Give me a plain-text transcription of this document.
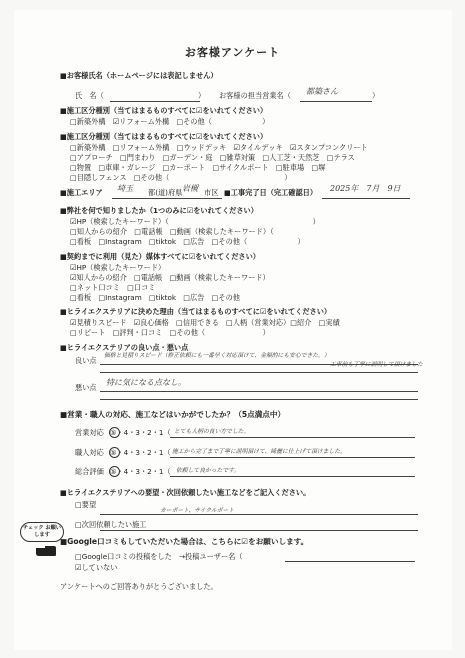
お客様アンケート
■お客様氏名（ホームページには表記しません）
氏　名（	） お客様の担当営業名（ 都築さん	）
■施工区分種別（当てはまるものすべてに☑をいれてください）
□新築外構　☑リフォーム外構　□その他（　　　　　　　）
■施工区分種別（当てはまるものすべてに☑をいれてください）
□新築外構　□リフォーム外構　□ウッドデッキ　☑タイルデッキ　☑スタンプコンクリート
□アプローチ　□門まわり　□ガーデン・庭　□雑草対策　□人工芝・天然芝　□テラス
□物置　□車庫・ガレージ　□カーポート　□サイクルポート　□駐車場　□塀
□目隠しフェンス　□その他（　　　　　　　　　　　　　　　　）
■施工エリア 埼玉 都(道)府県 岩槻 市区 ■工事完了日（完工確認日） 2025年　7月　9日
■弊社を何で知りましたか（1つのみに☑をいれてください）
☑HP（検索したキーワード）（　　　　　　　　　　　　　　　　　　　　）
□知人からの紹介　□電話帳　□動画（検索したキーワード）（
□看板　□Instagram　□tiktok　□広告　□その他（　　　　　　　）
■契約までに利用（見た）媒体すべてに☑をいれてください）
☑HP（検索したキーワード）
☑知人からの紹介　□電話帳　□動画（検索したキーワード）
□ネット口コミ　□口コミ
□看板　□Instagram　□tiktok　□広告　□その他
■ヒライエクステリアに決めた理由（当てはまるものすべてに☑をいれてください）
☑見積りスピード　☑良心価格　□信用できる　□人柄（営業対応）□紹介　□実績
□リピート　□評判・口コミ　□その他（　　　　　　　　）
■ヒライエクステリアの良い点・悪い点
良い点 価格と見積りスピード（修正依頼にも一番早く対応頂けて、金額的にも安心できた。）
工事前も丁寧に説明して頂けました
悪い点
特に気になる点なし。
■営業・職人の対応、施工などはいかがでしたか？（5点満点中）
営業対応 ⑤・4・3・2・1（ とても人柄の良い方でした。
職人対応 ⑤・4・3・2・1（ 施工から完了まで丁寧に説明頂けて、綺麗に仕上げて頂けました。
総合評価 ⑤・4・3・2・1（ 依頼して良かったです。
■ヒライエクステリアへの要望・次回依頼したい施工などをご記入ください。
□要望
カーポート、サイクルポート
□次回依頼したい施工
チェック お願いします
■Google口コミもしていただいた場合は、こちらに☑をお願いします。
□Google口コミの投稿をした　→投稿ユーザー名（
☑していない
アンケートへのご回答ありがとうございました。
